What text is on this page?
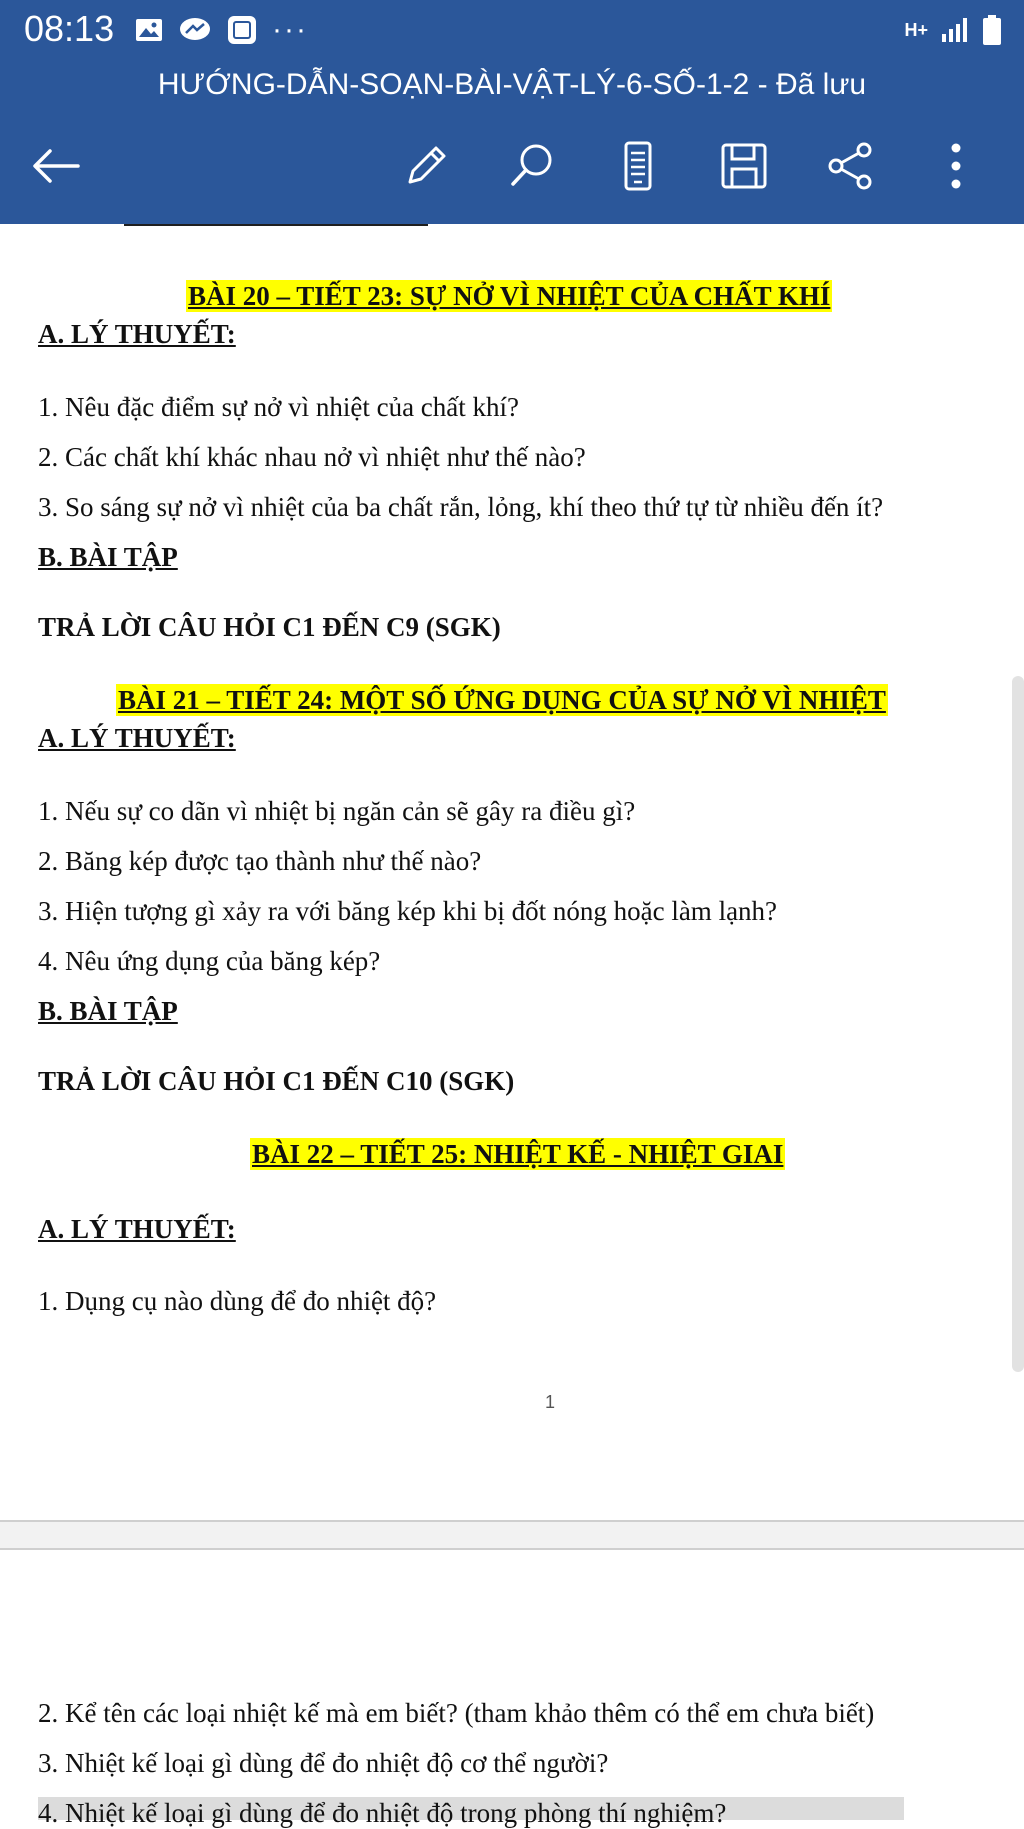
08:13	···	H+
HƯỚNG-DẪN-SOẠN-BÀI-VẬT-LÝ-6-SỐ-1-2 - Đã lưu

BÀI 20 – TIẾT 23: SỰ NỞ VÌ NHIỆT CỦA CHẤT KHÍ

A. LÝ THUYẾT:

1. Nêu đặc điểm sự nở vì nhiệt của chất khí?

2. Các chất khí khác nhau nở vì nhiệt như thế nào?

3. So sáng sự nở vì nhiệt của ba chất rắn, lỏng, khí theo thứ tự từ nhiều đến ít?

B. BÀI TẬP

TRẢ LỜI CÂU HỎI C1 ĐẾN C9 (SGK)

BÀI 21 – TIẾT 24: MỘT SỐ ỨNG DỤNG CỦA SỰ NỞ VÌ NHIỆT

A. LÝ THUYẾT:

1. Nếu sự co dãn vì nhiệt bị ngăn cản sẽ gây ra điều gì?

2. Băng kép được tạo thành như thế nào?

3. Hiện tượng gì xảy ra với băng kép khi bị đốt nóng hoặc làm lạnh?

4. Nêu ứng dụng của băng kép?

B. BÀI TẬP

TRẢ LỜI CÂU HỎI C1 ĐẾN C10 (SGK)

BÀI 22 – TIẾT 25: NHIỆT KẾ - NHIỆT GIAI

A. LÝ THUYẾT:

1. Dụng cụ nào dùng để đo nhiệt độ?

1

2. Kể tên các loại nhiệt kế mà em biết? (tham khảo thêm có thể em chưa biết)

3. Nhiệt kế loại gì dùng để đo nhiệt độ cơ thể người?

4. Nhiệt kế loại gì dùng để đo nhiệt độ trong phòng thí nghiệm?
